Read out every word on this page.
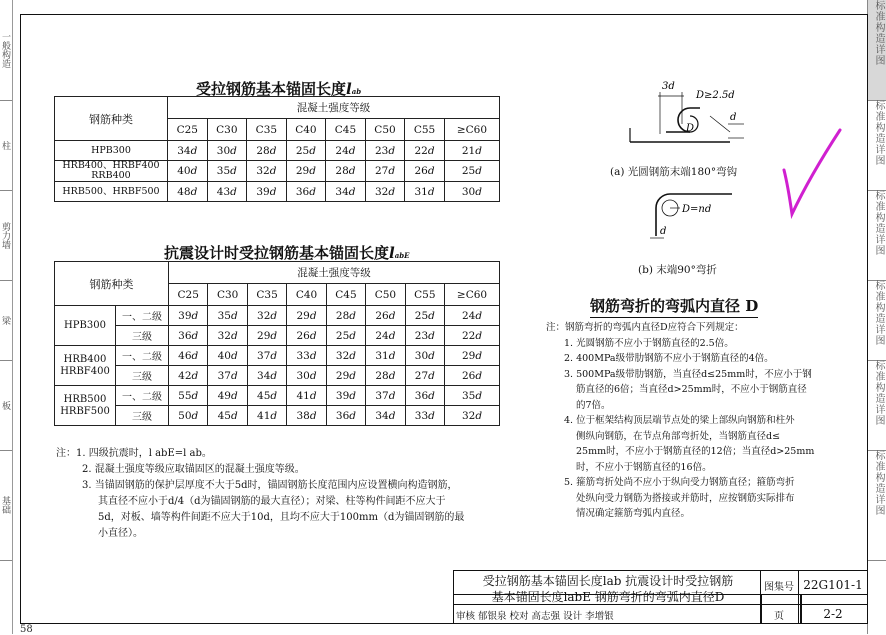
一般构造
柱
剪力墙
梁
板
基础
标准构造详图
标准构造详图
标准构造详图
标准构造详图
标准构造详图
标准构造详图
58
受拉钢筋基本锚固长度lab
钢筋种类	混凝土强度等级							
	C25	C30	C35	C40	C45	C50	C55	≥C60
HPB300	34d	30d	28d	25d	24d	23d	22d	21d
HRB400、HRBF400 RRB400	40d	35d	32d	29d	28d	27d	26d	25d
HRB500、HRBF500	48d	43d	39d	36d	34d	32d	31d	30d
抗震设计时受拉钢筋基本锚固长度labE
钢筋种类		混凝土强度等级							
		C25	C30	C35	C40	C45	C50	C55	≥C60
HPB300	一、二级	39d	35d	32d	29d	28d	26d	25d	24d
	三级	36d	32d	29d	26d	25d	24d	23d	22d
HRB400 HRBF400	一、二级	46d	40d	37d	33d	32d	31d	30d	29d
	三级	42d	37d	34d	30d	29d	28d	27d	26d
HRB500 HRBF500	一、二级	55d	49d	45d	41d	39d	37d	36d	35d
	三级	50d	45d	41d	38d	36d	34d	33d	32d
注：1. 四级抗震时，l abE=l ab。
2. 混凝土强度等级应取锚固区的混凝土强度等级。
3. 当锚固钢筋的保护层厚度不大于5d时，锚固钢筋长度范围内应设置横向构造钢筋，
其直径不应小于d/4（d为锚固钢筋的最大直径）；对梁、柱等构件间距不应大于
5d，对板、墙等构件间距不应大于10d，且均不应大于100mm（d为锚固钢筋的最
小直径）。
3d
D≥2.5d
D
d
D=nd
d
(a) 光圆钢筋末端180°弯钩
(b) 末端90°弯折
钢筋弯折的弯弧内直径 D
注：钢筋弯折的弯弧内直径D应符合下列规定：
1. 光圆钢筋不应小于钢筋直径的2.5倍。
2. 400MPa级带肋钢筋不应小于钢筋直径的4倍。
3. 500MPa级带肋钢筋，当直径d≤25mm时，不应小于钢
筋直径的6倍；当直径d>25mm时，不应小于钢筋直径
的7倍。
4. 位于框架结构顶层端节点处的梁上部纵向钢筋和柱外
侧纵向钢筋，在节点角部弯折处，当钢筋直径d≤
25mm时，不应小于钢筋直径的12倍；当直径d>25mm
时，不应小于钢筋直径的16倍。
5. 箍筋弯折处尚不应小于纵向受力钢筋直径；箍筋弯折
处纵向受力钢筋为搭接或并筋时，应按钢筋实际排布
情况确定箍筋弯弧内直径。
受拉钢筋基本锚固长度lab 抗震设计时受拉钢筋
基本锚固长度labE 钢筋弯折的弯弧内直径D
图集号 22G101-1
页	2-2
审核 郁银泉 校对 高志强 设计 李增银
